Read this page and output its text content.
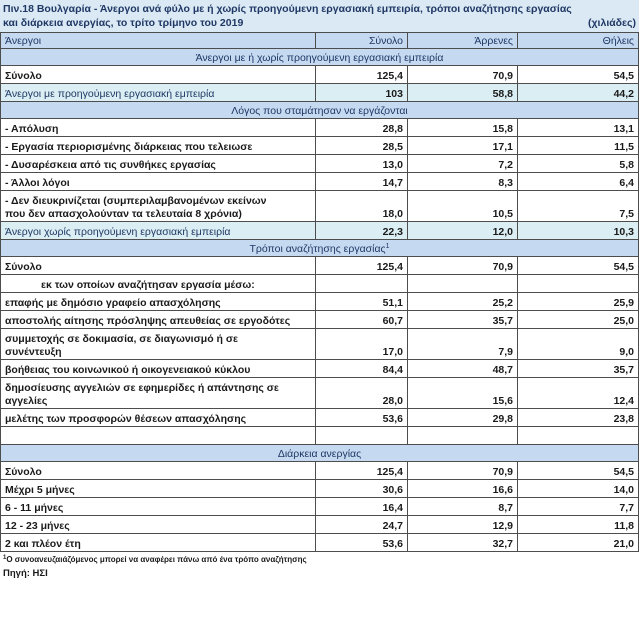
Πιν.18 Βουλγαρία - Άνεργοι ανά φύλο με ή χωρίς προηγούμενη εργασιακή εμπειρία, τρόποι αναζήτησης εργασίας
και διάρκεια ανεργίας, το τρίτο τρίμηνο του 2019	(χιλιάδες)
Άνεργοι	Σύνολο	Άρρενες	Θήλεις
Άνεργοι με ή χωρίς προηγούμενη εργασιακή εμπειρία			
Σύνολο	125,4	70,9	54,5
Άνεργοι με προηγούμενη εργασιακή εμπειρία	103	58,8	44,2
Λόγος που σταμάτησαν να εργάζονται			
- Απόλυση	28,8	15,8	13,1
- Εργασία περιορισμένης διάρκειας που τελειωσε	28,5	17,1	11,5
- Δυσαρέσκεια από τις συνθήκες εργασίας	13,0	7,2	5,8
- Άλλοι λόγοι	14,7	8,3	6,4

- Δεν διευκρινίζεται (συμπεριλαμβανομένων εκείνων
που δεν απασχολούνταν τα τελευταία 8 χρόνια)	18,0	10,5	7,5
Άνεργοι χωρίς προηγούμενη εργασιακή εμπειρία	22,3	12,0	10,3
Τρόποι αναζήτησης εργασίας$^1$
Σύνολο	125,4	70,9	54,5
εκ των οποίων αναζήτησαν εργασία μέσω:			
επαφής με δημόσιο γραφείο απασχόλησης	51,1	25,2	25,9
αποστολής αίτησης πρόσληψης απευθείας σε εργοδότες	60,7	35,7	25,0

συμμετοχής σε δοκιμασία, σε διαγωνισμό ή σε
συνέντευξη	17,0	7,9	9,0
βοήθειας του κοινωνικού ή οικογενειακού κύκλου	84,4	48,7	35,7

δημοσίευσης αγγελιών σε εφημερίδες ή απάντησης σε
αγγελίες	28,0	15,6	12,4
μελέτης των προσφορών θέσεων απασχόλησης	53,6	29,8	23,8

Διάρκεια ανεργίας			
Σύνολο	125,4	70,9	54,5
Μέχρι 5 μήνες	30,6	16,6	14,0
6 - 11 μήνες	16,4	8,7	7,7
12 - 23 μήνες	24,7	12,9	11,8
2 και πλέον έτη	53,6	32,7	21,0
$^1$Ο συνοανευζαιάζόμενος μπορεί να αναφέρει πάνω από ένα τρόπο αναζήτησης
Πηγή: ΗΣΙ
